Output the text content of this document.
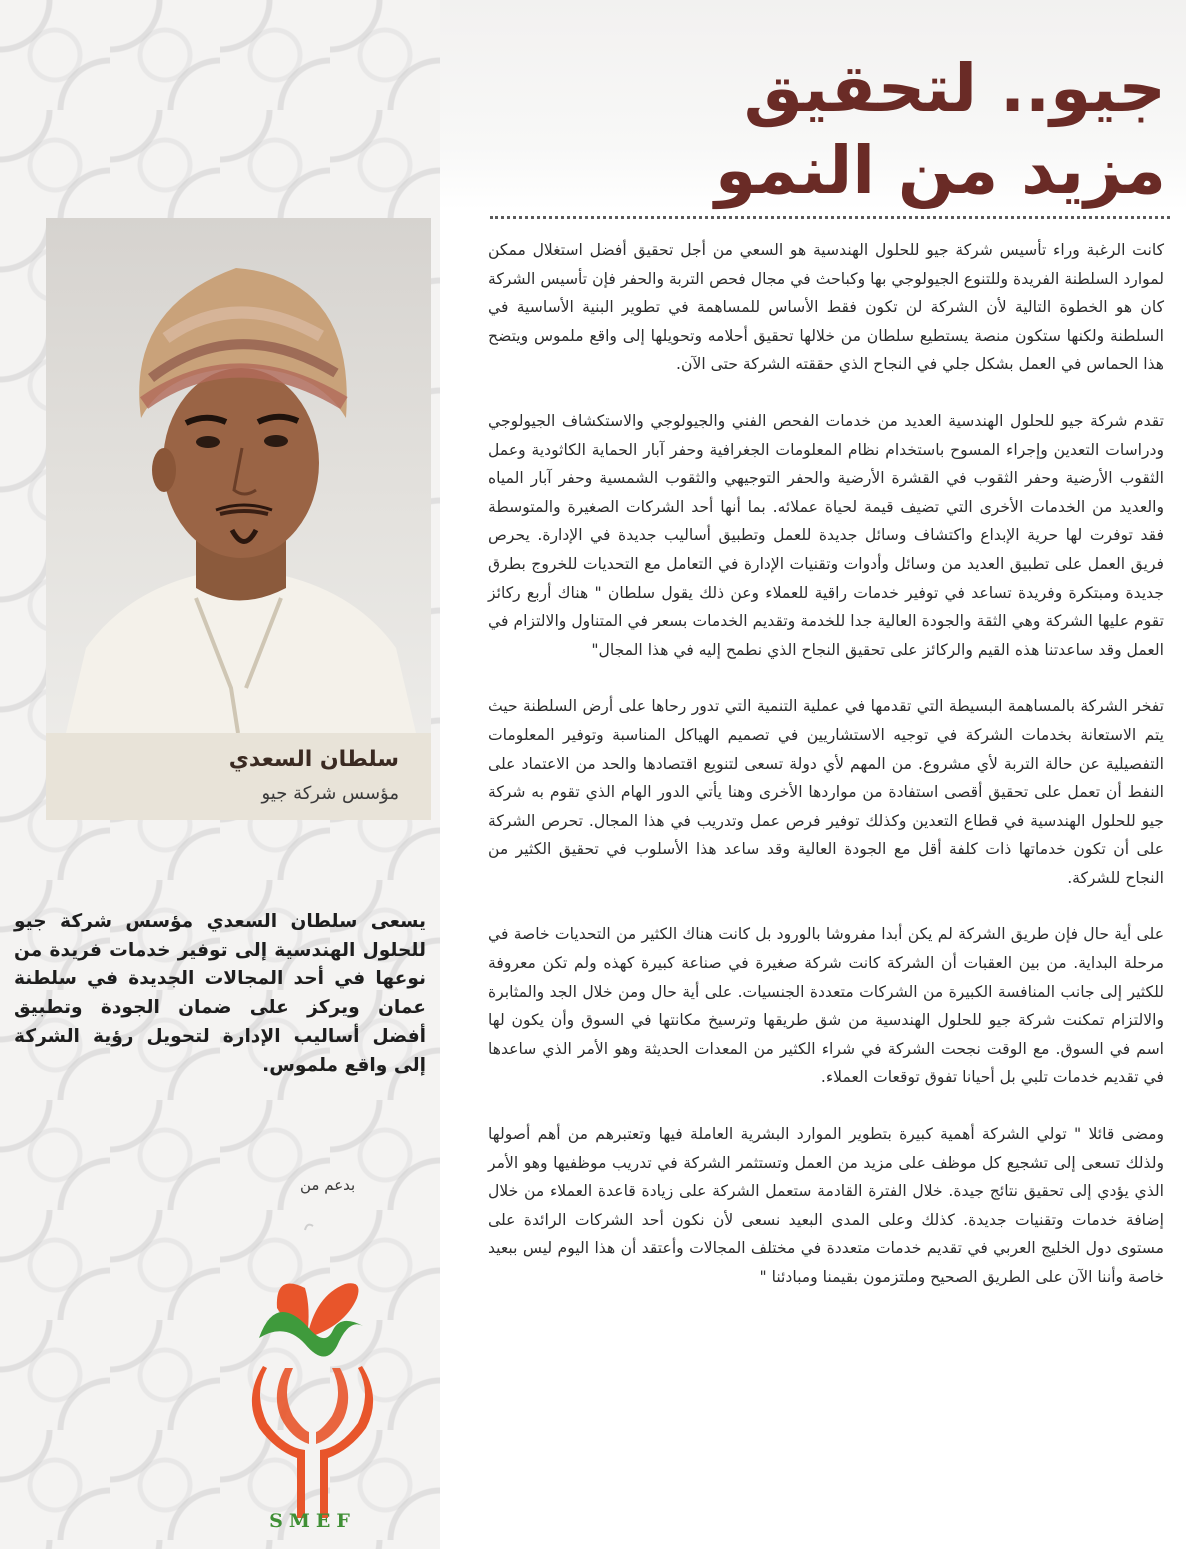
جيو.. لتحقيق
مزيد من النمو

كانت الرغبة وراء تأسيس شركة جيو للحلول الهندسية هو السعي من أجل تحقيق أفضل استغلال ممكن لموارد السلطنة الفريدة وللتنوع الجيولوجي بها وكباحث في مجال فحص التربة والحفر فإن تأسيس الشركة كان هو الخطوة التالية لأن الشركة لن تكون فقط الأساس للمساهمة في تطوير البنية الأساسية في السلطنة ولكنها ستكون منصة يستطيع سلطان من خلالها تحقيق أحلامه وتحويلها إلى واقع ملموس ويتضح هذا الحماس في العمل بشكل جلي في النجاح الذي حققته الشركة حتى الآن.

تقدم شركة جيو للحلول الهندسية العديد من خدمات الفحص الفني والجيولوجي والاستكشاف الجيولوجي ودراسات التعدين وإجراء المسوح باستخدام نظام المعلومات الجغرافية وحفر آبار الحماية الكاثودية وعمل الثقوب الأرضية وحفر الثقوب في القشرة الأرضية والحفر التوجيهي والثقوب الشمسية وحفر آبار المياه والعديد من الخدمات الأخرى التي تضيف قيمة لحياة عملائه. بما أنها أحد الشركات الصغيرة والمتوسطة فقد توفرت لها حرية الإبداع واكتشاف وسائل جديدة للعمل وتطبيق أساليب جديدة في الإدارة. يحرص فريق العمل على تطبيق العديد من وسائل وأدوات وتقنيات الإدارة في التعامل مع التحديات للخروج بطرق جديدة ومبتكرة وفريدة تساعد في توفير خدمات راقية للعملاء وعن ذلك يقول سلطان " هناك أربع ركائز تقوم عليها الشركة وهي الثقة والجودة العالية جدا للخدمة وتقديم الخدمات بسعر في المتناول والالتزام في العمل وقد ساعدتنا هذه القيم والركائز على تحقيق النجاح الذي نطمح إليه في هذا المجال"

تفخر الشركة بالمساهمة البسيطة التي تقدمها في عملية التنمية التي تدور رحاها على أرض السلطنة حيث يتم الاستعانة بخدمات الشركة في توجيه الاستشاريين في تصميم الهياكل المناسبة وتوفير المعلومات التفصيلية عن حالة التربة لأي مشروع. من المهم لأي دولة تسعى لتنويع اقتصادها والحد من الاعتماد على النفط أن تعمل على تحقيق أقصى استفادة من مواردها الأخرى وهنا يأتي الدور الهام الذي تقوم به شركة جيو للحلول الهندسية في قطاع التعدين وكذلك توفير فرص عمل وتدريب في هذا المجال. تحرص الشركة على أن تكون خدماتها ذات كلفة أقل مع الجودة العالية وقد ساعد هذا الأسلوب في تحقيق الكثير من النجاح للشركة.

على أية حال فإن طريق الشركة لم يكن أبدا مفروشا بالورود بل كانت هناك الكثير من التحديات خاصة في مرحلة البداية. من بين العقبات أن الشركة كانت شركة صغيرة في صناعة كبيرة كهذه ولم تكن معروفة للكثير إلى جانب المنافسة الكبيرة من الشركات متعددة الجنسيات. على أية حال ومن خلال الجد والمثابرة والالتزام تمكنت شركة جيو للحلول الهندسية من شق طريقها وترسيخ مكانتها في السوق وأن يكون لها اسم في السوق. مع الوقت نجحت الشركة في شراء الكثير من المعدات الحديثة وهو الأمر الذي ساعدها في تقديم خدمات تلبي بل أحيانا تفوق توقعات العملاء.

ومضى قائلا " تولي الشركة أهمية كبيرة بتطوير الموارد البشرية العاملة فيها وتعتبرهم من أهم أصولها ولذلك تسعى إلى تشجيع كل موظف على مزيد من العمل وتستثمر الشركة في تدريب موظفيها وهو الأمر الذي يؤدي إلى تحقيق نتائج جيدة. خلال الفترة القادمة ستعمل الشركة على زيادة قاعدة العملاء من خلال إضافة خدمات وتقنيات جديدة. كذلك وعلى المدى البعيد نسعى لأن نكون أحد الشركات الرائدة على مستوى دول الخليج العربي في تقديم خدمات متعددة في مختلف المجالات وأعتقد أن هذا اليوم ليس ببعيد خاصة وأننا الآن على الطريق الصحيح وملتزمون بقيمنا ومبادئنا "

سلطان السعدي
مؤسس شركة جيو
يسعى سلطان السعدي مؤسس شركة جيو للحلول الهندسية إلى توفير خدمات فريدة من نوعها في أحد المجالات الجديدة في سلطنة عمان ويركز على ضمان الجودة وتطبيق أفضل أساليب الإدارة لتحويل رؤية الشركة إلى واقع ملموس.
بدعم من
SMEF
